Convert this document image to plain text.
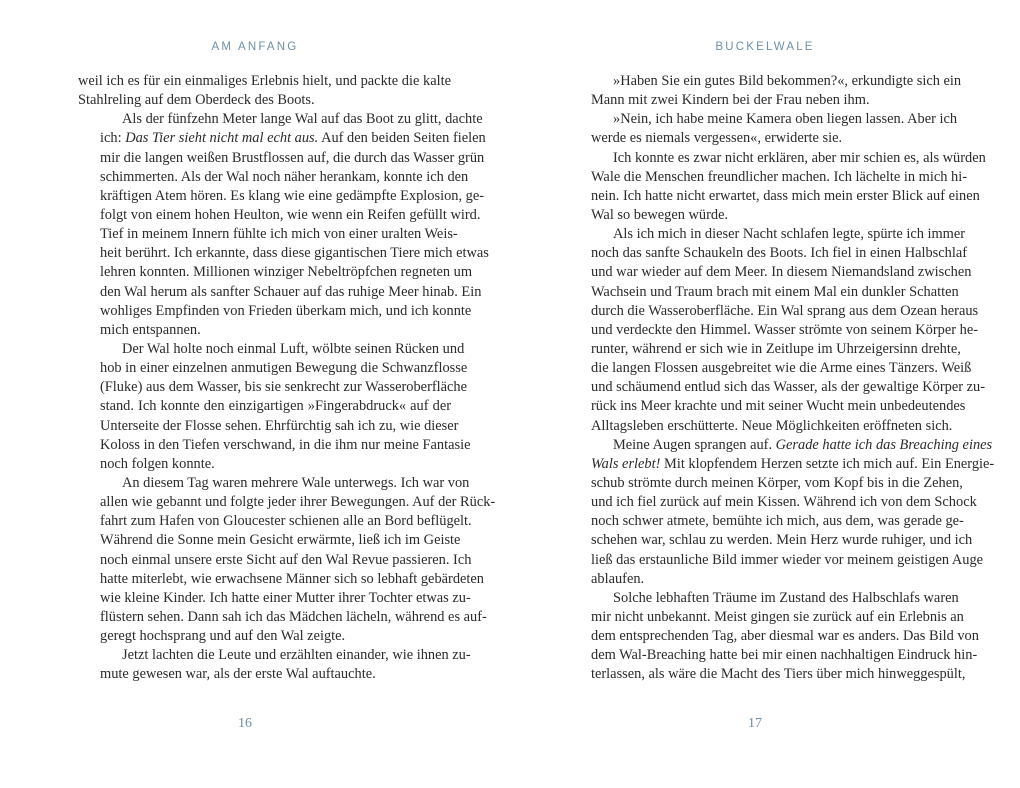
AM ANFANG

weil ich es für ein einmaliges Erlebnis hielt, und packte die kalte
Stahlreling auf dem Oberdeck des Boots.

Als der fünfzehn Meter lange Wal auf das Boot zu glitt, dachte
ich: Das Tier sieht nicht mal echt aus. Auf den beiden Seiten fielen
mir die langen weißen Brustflossen auf, die durch das Wasser grün
schimmerten. Als der Wal noch näher herankam, konnte ich den
kräftigen Atem hören. Es klang wie eine gedämpfte Explosion, ge-
folgt von einem hohen Heulton, wie wenn ein Reifen gefüllt wird.
Tief in meinem Innern fühlte ich mich von einer uralten Weis-
heit berührt. Ich erkannte, dass diese gigantischen Tiere mich etwas
lehren konnten. Millionen winziger Nebeltröpfchen regneten um
den Wal herum als sanfter Schauer auf das ruhige Meer hinab. Ein
wohliges Empfinden von Frieden überkam mich, und ich konnte
mich entspannen.

Der Wal holte noch einmal Luft, wölbte seinen Rücken und
hob in einer einzelnen anmutigen Bewegung die Schwanzflosse
(Fluke) aus dem Wasser, bis sie senkrecht zur Wasseroberfläche
stand. Ich konnte den einzigartigen »Fingerabdruck« auf der
Unterseite der Flosse sehen. Ehrfürchtig sah ich zu, wie dieser
Koloss in den Tiefen verschwand, in die ihm nur meine Fantasie
noch folgen konnte.

An diesem Tag waren mehrere Wale unterwegs. Ich war von
allen wie gebannt und folgte jeder ihrer Bewegungen. Auf der Rück-
fahrt zum Hafen von Gloucester schienen alle an Bord beflügelt.
Während die Sonne mein Gesicht erwärmte, ließ ich im Geiste
noch einmal unsere erste Sicht auf den Wal Revue passieren. Ich
hatte miterlebt, wie erwachsene Männer sich so lebhaft gebärdeten
wie kleine Kinder. Ich hatte einer Mutter ihrer Tochter etwas zu-
flüstern sehen. Dann sah ich das Mädchen lächeln, während es auf-
geregt hochsprang und auf den Wal zeigte.

Jetzt lachten die Leute und erzählten einander, wie ihnen zu-
mute gewesen war, als der erste Wal auftauchte.

16
BUCKELWALE

»Haben Sie ein gutes Bild bekommen?«, erkundigte sich ein
Mann mit zwei Kindern bei der Frau neben ihm.

»Nein, ich habe meine Kamera oben liegen lassen. Aber ich
werde es niemals vergessen«, erwiderte sie.

Ich konnte es zwar nicht erklären, aber mir schien es, als würden
Wale die Menschen freundlicher machen. Ich lächelte in mich hi-
nein. Ich hatte nicht erwartet, dass mich mein erster Blick auf einen
Wal so bewegen würde.

Als ich mich in dieser Nacht schlafen legte, spürte ich immer
noch das sanfte Schaukeln des Boots. Ich fiel in einen Halbschlaf
und war wieder auf dem Meer. In diesem Niemandsland zwischen
Wachsein und Traum brach mit einem Mal ein dunkler Schatten
durch die Wasseroberfläche. Ein Wal sprang aus dem Ozean heraus
und verdeckte den Himmel. Wasser strömte von seinem Körper he-
runter, während er sich wie in Zeitlupe im Uhrzeigersinn drehte,
die langen Flossen ausgebreitet wie die Arme eines Tänzers. Weiß
und schäumend entlud sich das Wasser, als der gewaltige Körper zu-
rück ins Meer krachte und mit seiner Wucht mein unbedeutendes
Alltagsleben erschütterte. Neue Möglichkeiten eröffneten sich.

Meine Augen sprangen auf. Gerade hatte ich das Breaching eines
Wals erlebt! Mit klopfendem Herzen setzte ich mich auf. Ein Energie-
schub strömte durch meinen Körper, vom Kopf bis in die Zehen,
und ich fiel zurück auf mein Kissen. Während ich von dem Schock
noch schwer atmete, bemühte ich mich, aus dem, was gerade ge-
schehen war, schlau zu werden. Mein Herz wurde ruhiger, und ich
ließ das erstaunliche Bild immer wieder vor meinem geistigen Auge
ablaufen.

Solche lebhaften Träume im Zustand des Halbschlafs waren
mir nicht unbekannt. Meist gingen sie zurück auf ein Erlebnis an
dem entsprechenden Tag, aber diesmal war es anders. Das Bild von
dem Wal-Breaching hatte bei mir einen nachhaltigen Eindruck hin-
terlassen, als wäre die Macht des Tiers über mich hinweggespült,

17
